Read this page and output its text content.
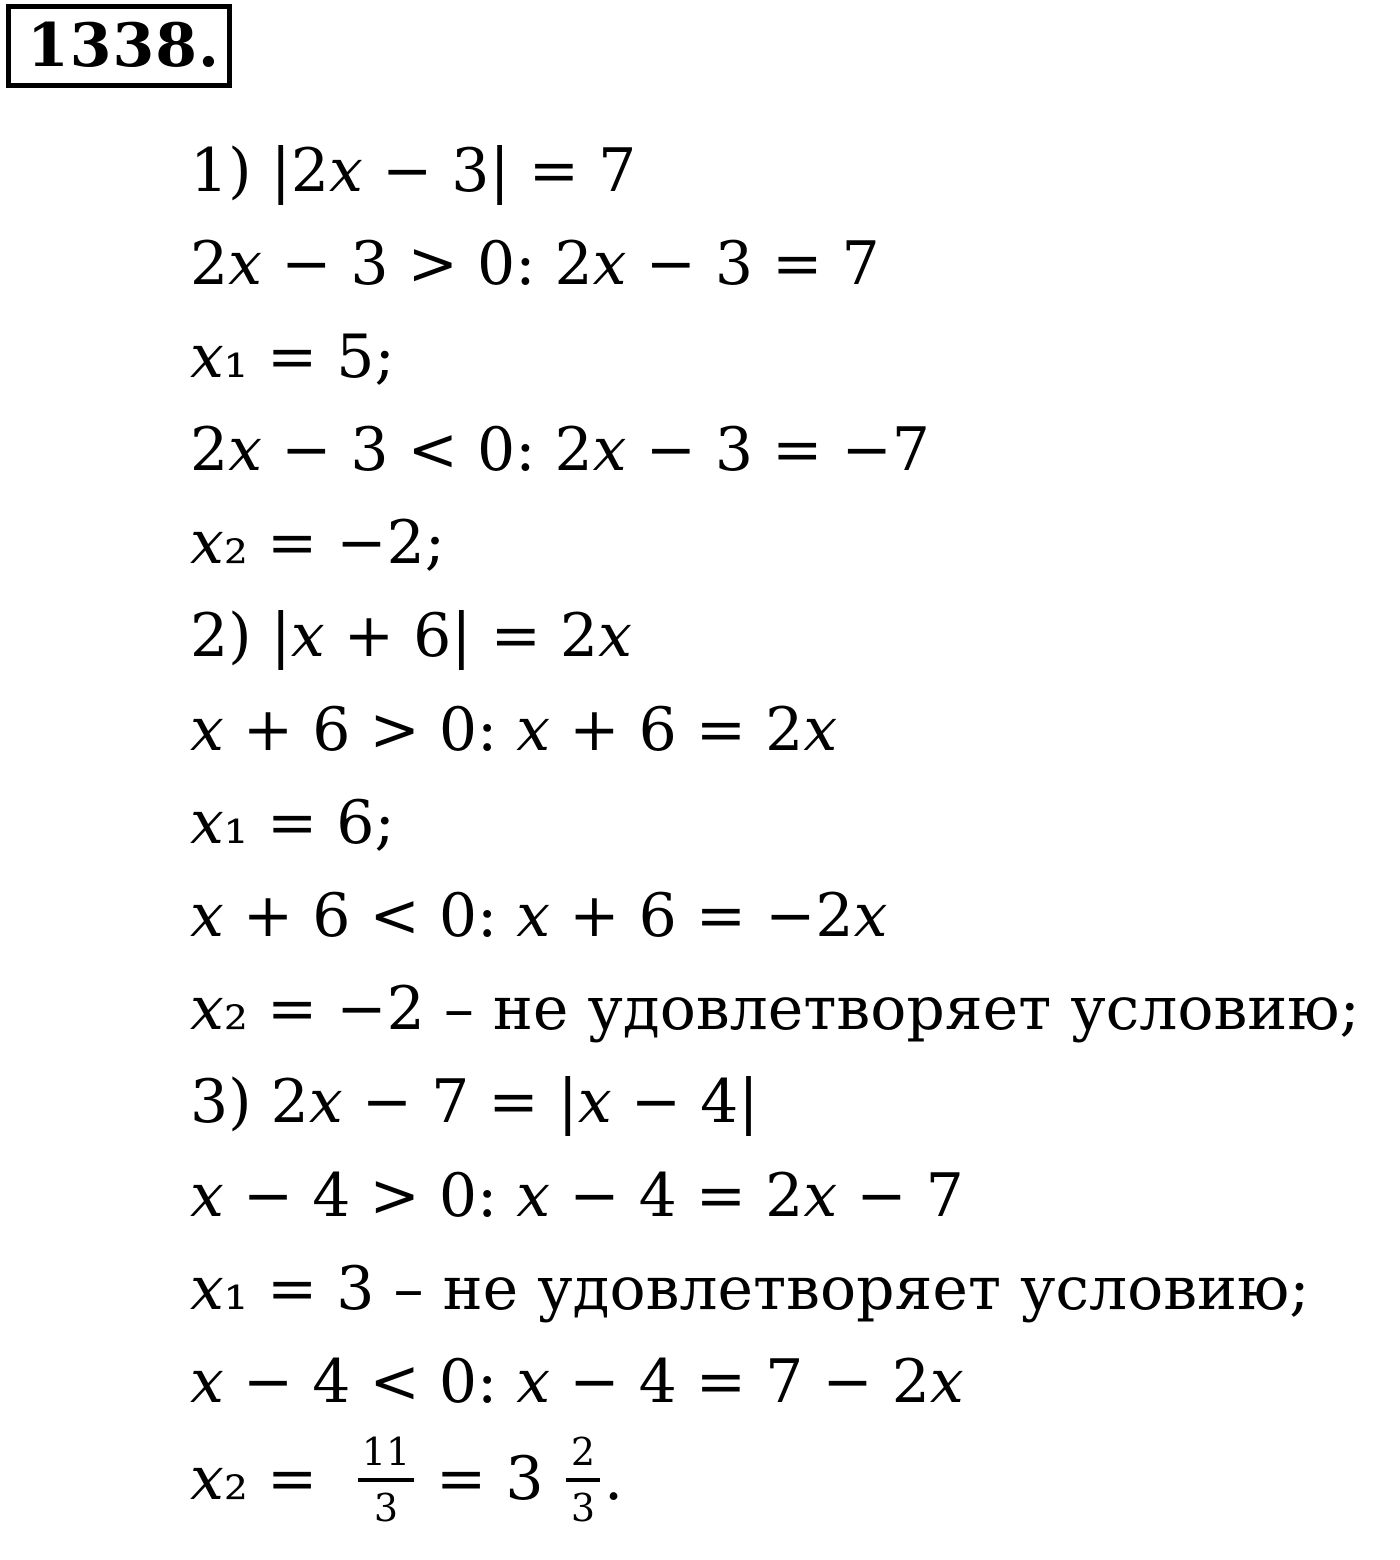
1338.
1) |2𝑥 − 3| = 7
2𝑥 − 3 > 0: 2𝑥 − 3 = 7
𝑥₁ = 5;
2𝑥 − 3 < 0: 2𝑥 − 3 = −7
𝑥₂ = −2;
2) |𝑥 + 6| = 2𝑥
𝑥 + 6 > 0: 𝑥 + 6 = 2𝑥
𝑥₁ = 6;
𝑥 + 6 < 0: 𝑥 + 6 = −2𝑥
𝑥₂ = −2 – не удовлетворяет условию;
3) 2𝑥 − 7 = |𝑥 − 4|
𝑥 − 4 > 0: 𝑥 − 4 = 2𝑥 − 7
𝑥₁ = 3 – не удовлетворяет условию;
𝑥 − 4 < 0: 𝑥 − 4 = 7 − 2𝑥
𝑥₂ = 11
3 = 3 2
3 .
